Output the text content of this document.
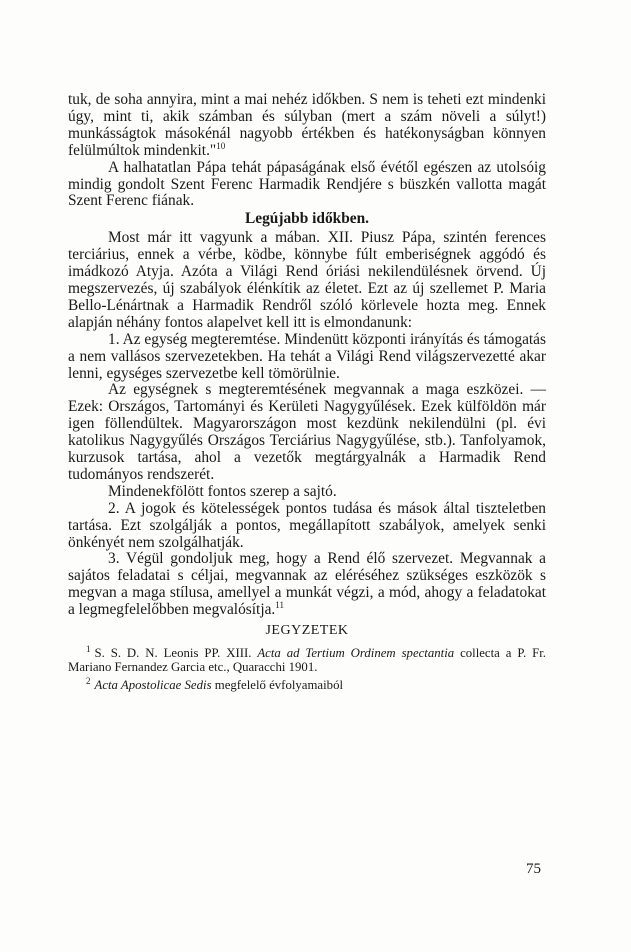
tuk, de soha annyira, mint a mai nehéz időkben. S nem is teheti ezt mindenki úgy, mint ti, akik számban és súlyban (mert a szám növeli a súlyt!) munkásságtok másokénál nagyobb értékben és hatékonyságban könnyen felülmúltok mindenkit."$^{10}$

A halhatatlan Pápa tehát pápaságának első évétől egészen az utolsóig mindig gondolt Szent Ferenc Harmadik Rendjére s büszkén vallotta magát Szent Ferenc fiának.

Legújabb időkben.

Most már itt vagyunk a mában. XII. Piusz Pápa, szintén ferences terciárius, ennek a vérbe, ködbe, könnybe fúlt emberiségnek aggódó és imádkozó Atyja. Azóta a Világi Rend óriási nekilendülésnek örvend. Új megszervezés, új szabályok élénkítik az életet. Ezt az új szellemet P. Maria Bello-Lénártnak a Harmadik Rendről szóló körlevele hozta meg. Ennek alapján néhány fontos alapelvet kell itt is elmondanunk:

1. Az egység megteremtése. Mindenütt központi irányítás és támogatás a nem vallásos szervezetekben. Ha tehát a Világi Rend világszervezetté akar lenni, egységes szervezetbe kell tömörülnie.

Az egységnek s megteremtésének megvannak a maga eszközei. — Ezek: Országos, Tartományi és Kerületi Nagygyűlések. Ezek külföldön már igen föllendültek. Magyarországon most kezdünk nekilendülni (pl. évi katolikus Nagygyűlés Országos Terciárius Nagygyűlése, stb.). Tanfolyamok, kurzusok tartása, ahol a vezetők megtárgyalnák a Harmadik Rend tudományos rendszerét.

Mindenekfölött fontos szerep a sajtó.

2. A jogok és kötelességek pontos tudása és mások által tiszteletben tartása. Ezt szolgálják a pontos, megállapított szabályok, amelyek senki önkényét nem szolgálhatják.

3. Végül gondoljuk meg, hogy a Rend élő szervezet. Megvannak a sajátos feladatai s céljai, megvannak az eléréséhez szükséges eszközök s megvan a maga stílusa, amellyel a munkát végzi, a mód, ahogy a feladatokat a legmegfelelőbben megvalósítja.$^{11}$

JEGYZETEK

$^1$ S. S. D. N. Leonis PP. XIII. Acta ad Tertium Ordinem spectantia collecta a P. Fr. Mariano Fernandez Garcia etc., Quaracchi 1901.

$^2$ Acta Apostolicae Sedis megfelelő évfolyamaiból

75
